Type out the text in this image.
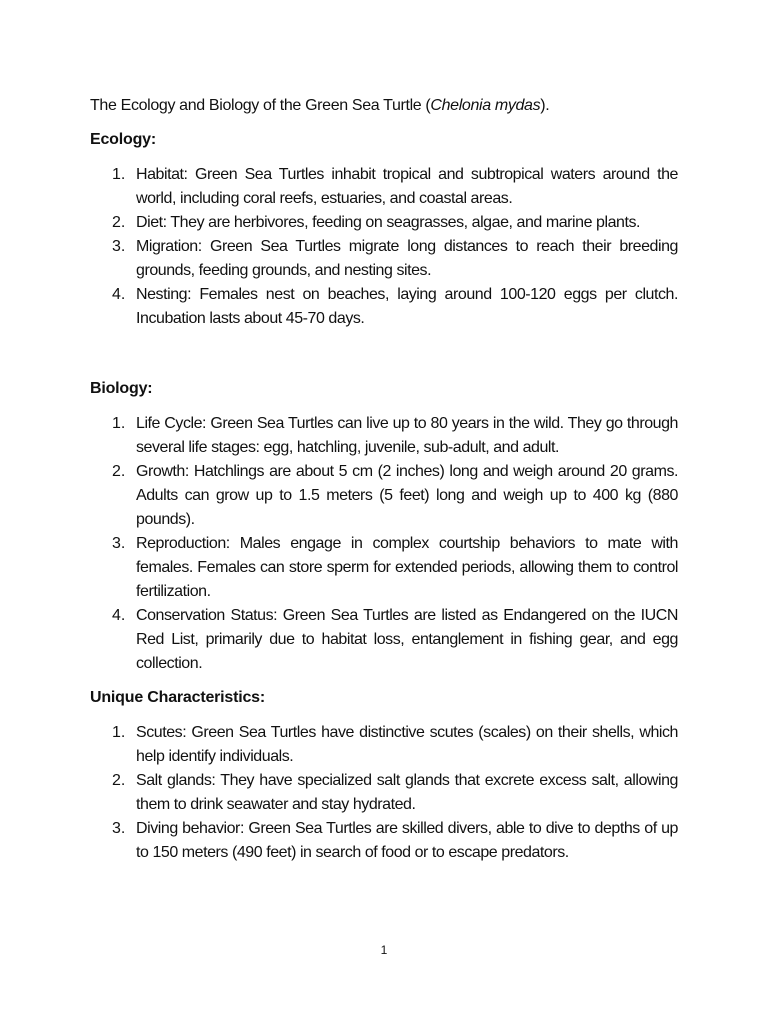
The Ecology and Biology of the Green Sea Turtle (Chelonia mydas).

Ecology:

1. Habitat: Green Sea Turtles inhabit tropical and subtropical waters around the world, including coral reefs, estuaries, and coastal areas.
2. Diet: They are herbivores, feeding on seagrasses, algae, and marine plants.
3. Migration: Green Sea Turtles migrate long distances to reach their breeding grounds, feeding grounds, and nesting sites.
4. Nesting: Females nest on beaches, laying around 100-120 eggs per clutch. Incubation lasts about 45-70 days.

Biology:

1. Life Cycle: Green Sea Turtles can live up to 80 years in the wild. They go through several life stages: egg, hatchling, juvenile, sub-adult, and adult.
2. Growth: Hatchlings are about 5 cm (2 inches) long and weigh around 20 grams. Adults can grow up to 1.5 meters (5 feet) long and weigh up to 400 kg (880 pounds).
3. Reproduction: Males engage in complex courtship behaviors to mate with females. Females can store sperm for extended periods, allowing them to control fertilization.
4. Conservation Status: Green Sea Turtles are listed as Endangered on the IUCN Red List, primarily due to habitat loss, entanglement in fishing gear, and egg collection.

Unique Characteristics:

1. Scutes: Green Sea Turtles have distinctive scutes (scales) on their shells, which help identify individuals.
2. Salt glands: They have specialized salt glands that excrete excess salt, allowing them to drink seawater and stay hydrated.
3. Diving behavior: Green Sea Turtles are skilled divers, able to dive to depths of up to 150 meters (490 feet) in search of food or to escape predators.
1
